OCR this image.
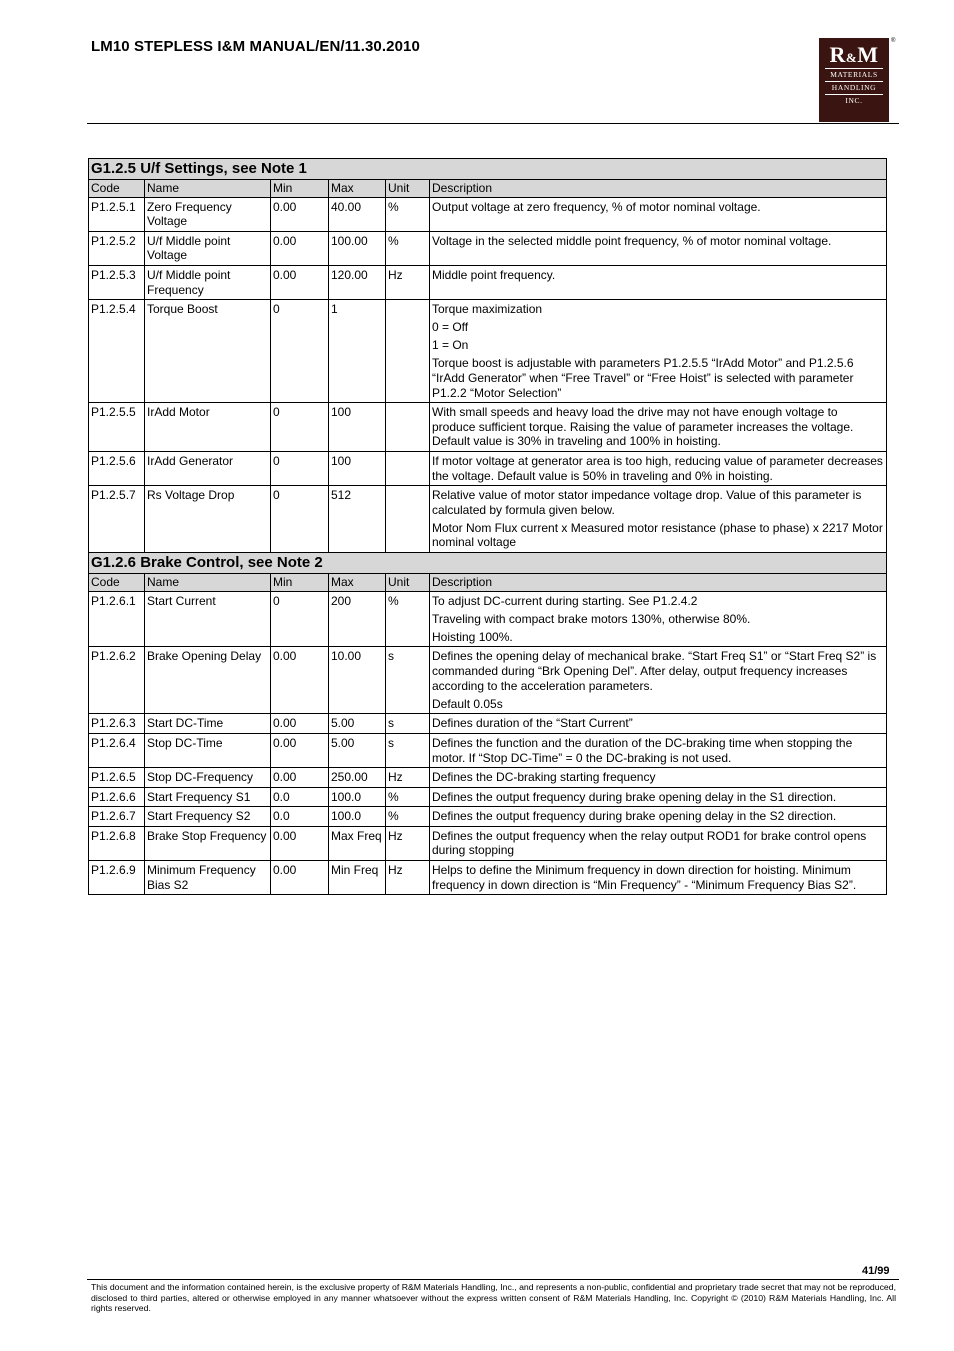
LM10 STEPLESS I&M MANUAL/EN/11.30.2010	R&M
MATERIALS
HANDLING
INC.
®
G1.2.5 U/f Settings, see Note 1					
Code	Name	Min	Max	Unit	Description
P1.2.5.1	Zero Frequency Voltage	0.00	40.00	%	Output voltage at zero frequency, % of motor nominal voltage.

P1.2.5.2	U/f Middle point Voltage	0.00	100.00	%	Voltage in the selected middle point frequency, % of motor nominal voltage.

P1.2.5.3	U/f Middle point Frequency	0.00	120.00	Hz	Middle point frequency.

P1.2.5.4	Torque Boost	0	1		Torque maximization

0 = Off

1 = On

Torque boost is adjustable with parameters P1.2.5.5 “IrAdd Motor” and P1.2.5.6 “IrAdd Generator” when “Free Travel” or “Free Hoist” is selected with parameter P1.2.2 “Motor Selection”

P1.2.5.5	IrAdd Motor	0	100		With small speeds and heavy load the drive may not have enough voltage to produce sufficient torque. Raising the value of parameter increases the voltage. Default value is 30% in traveling and 100% in hoisting.

P1.2.5.6	IrAdd Generator	0	100		If motor voltage at generator area is too high, reducing value of parameter decreases the voltage. Default value is 50% in traveling and 0% in hoisting.

P1.2.5.7	Rs Voltage Drop	0	512		Relative value of motor stator impedance voltage drop. Value of this parameter is calculated by formula given below.

Motor Nom Flux current x Measured motor resistance (phase to phase) x 2217 Motor nominal voltage

G1.2.6 Brake Control, see Note 2					
Code	Name	Min	Max	Unit	Description
P1.2.6.1	Start Current	0	200	%	To adjust DC-current during starting. See P1.2.4.2

Traveling with compact brake motors 130%, otherwise 80%.

Hoisting 100%.

P1.2.6.2	Brake Opening Delay	0.00	10.00	s	Defines the opening delay of mechanical brake. “Start Freq S1” or “Start Freq S2” is commanded during “Brk Opening Del”. After delay, output frequency increases according to the acceleration parameters.

Default 0.05s

P1.2.6.3	Start DC-Time	0.00	5.00	s	Defines duration of the “Start Current”

P1.2.6.4	Stop DC-Time	0.00	5.00	s	Defines the function and the duration of the DC-braking time when stopping the motor. If “Stop DC-Time” = 0 the DC-braking is not used.

P1.2.6.5	Stop DC-Frequency	0.00	250.00	Hz	Defines the DC-braking starting frequency

P1.2.6.6	Start Frequency S1	0.0	100.0	%	Defines the output frequency during brake opening delay in the S1 direction.

P1.2.6.7	Start Frequency S2	0.0	100.0	%	Defines the output frequency during brake opening delay in the S2 direction.

P1.2.6.8	Brake Stop Frequency	0.00	Max Freq	Hz	Defines the output frequency when the relay output ROD1 for brake control opens during stopping

P1.2.6.9	Minimum Frequency Bias S2	0.00	Min Freq	Hz	Helps to define the Minimum frequency in down direction for hoisting. Minimum frequency in down direction is “Min Frequency” - “Minimum Frequency Bias S2”.

41/99
This document and the information contained herein, is the exclusive property of R&M Materials Handling, Inc., and represents a non-public, confidential and proprietary trade secret that may not be reproduced, disclosed to third parties, altered or otherwise employed in any manner whatsoever without the express written consent of R&M Materials Handling, Inc. Copyright © (2010) R&M Materials Handling, Inc. All rights reserved.
